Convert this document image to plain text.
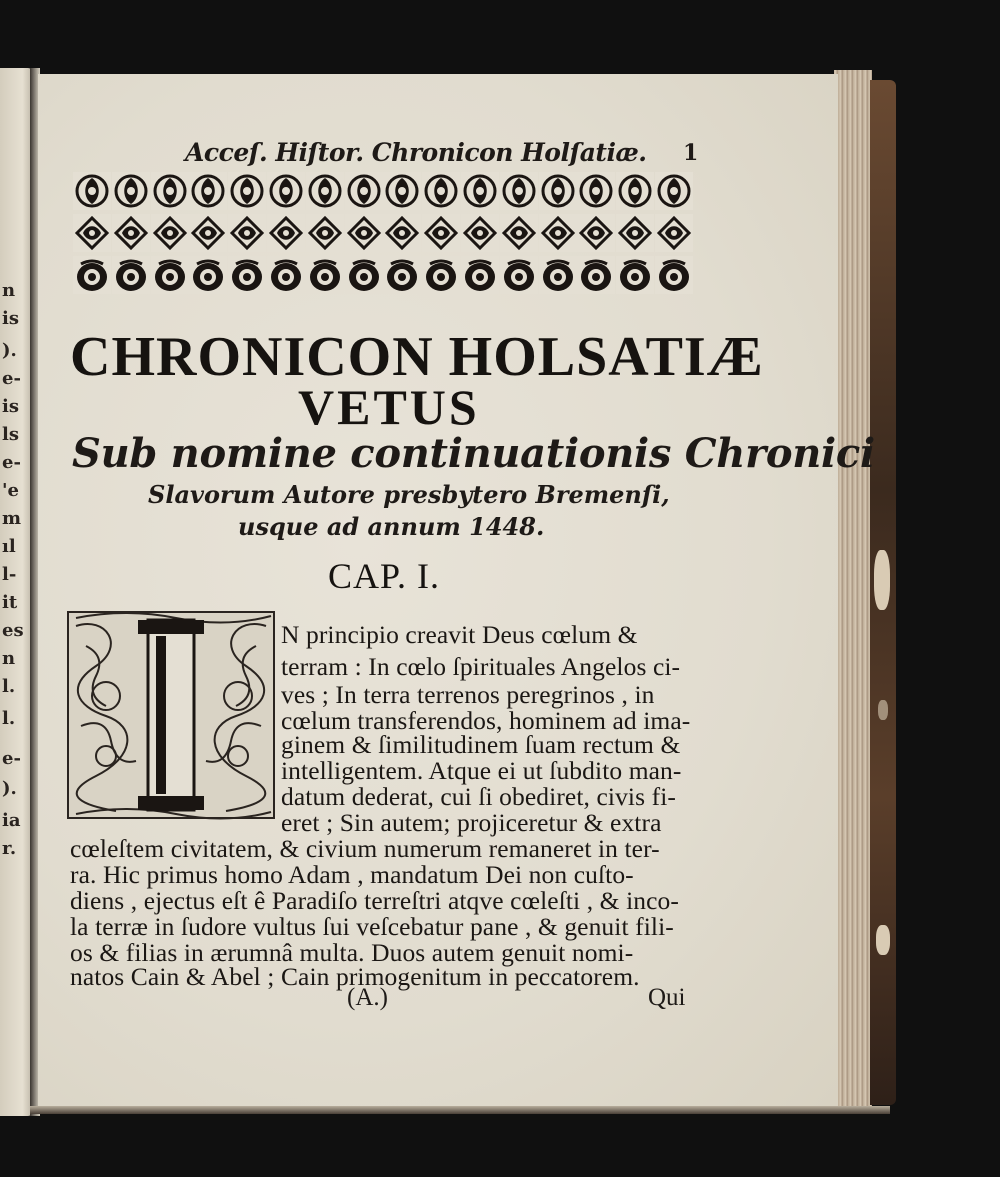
n
is
).
e-
is
ls
e-
'e
m
ıl
l-
it
es
n
l.
l.
e-
).
ia
r.
Acceſ. Hiſtor. Chronicon Holſatiæ. 1
CHRONICON HOLSATIÆ
VETUS
Sub nomine continuationis Chronici
Slavorum Autore presbytero Bremenſi,
usque ad annum 1448.
CAP. I.
N principio creavit Deus cœlum &
terram : In cœlo ſpirituales Angelos ci-
ves ; In terra terrenos peregrinos , in
cœlum transferendos, hominem ad ima-
ginem & ſimilitudinem ſuam rectum &
intelligentem. Atque ei ut ſubdito man-
datum dederat, cui ſi obediret, civis fi-
eret ; Sin autem; projiceretur & extra
cœleſtem civitatem, & civium numerum remaneret in ter-
ra. Hic primus homo Adam , mandatum Dei non cuſto-
diens , ejectus eſt ê Paradiſo terreſtri atqve cœleſti , & inco-
la terræ in ſudore vultus ſui veſcebatur pane , & genuit fili-
os & filias in ærumnâ multa. Duos autem genuit nomi-
natos Cain & Abel ; Cain primogenitum in peccatorem.
(A.)	Qui
